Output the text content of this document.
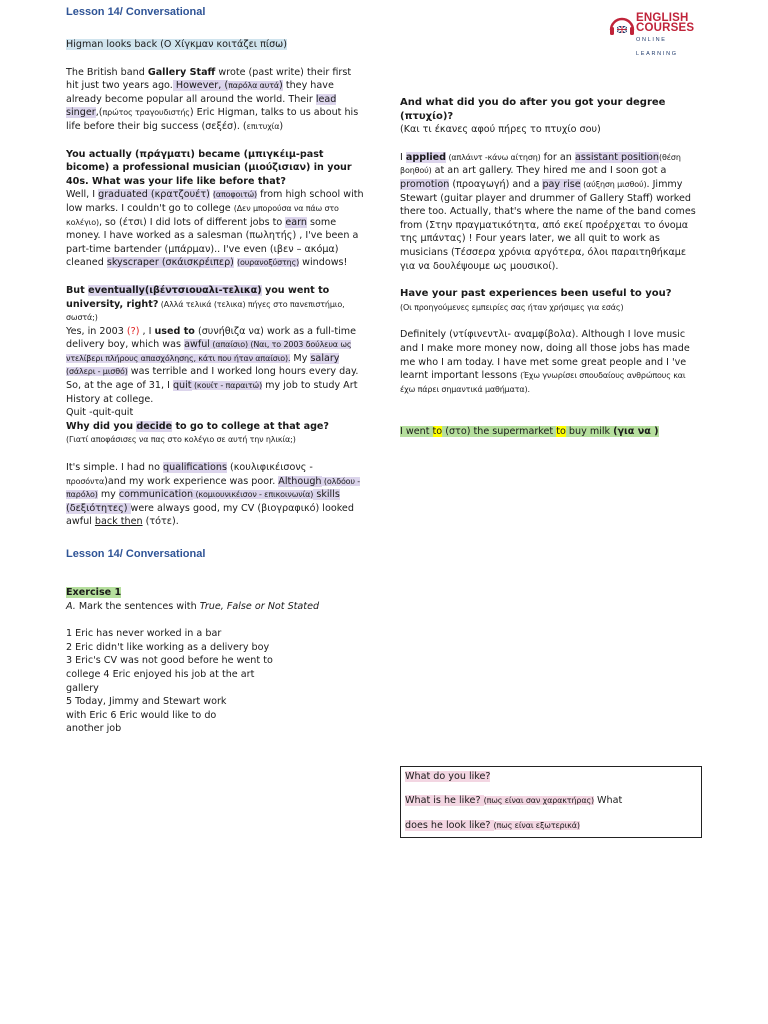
Lesson 14/ Conversational	ENGLISH
COURSES
ONLINE LEARNING
Higman looks back (Ο Χίγκμαν κοιτάζει πίσω)
The British band Gallery Staff wrote (past write) their first hit just two years ago. However, (παρόλα αυτά) they have already become popular all around the world. Their lead singer,(πρώτος τραγουδιστής) Eric Higman, talks to us about his life before their big success (σεξέσ). (επιτυχία)
You actually (πράγματι) became (μπιγκέιμ-past bicome) a professional musician (μιούζισιαν) in your 40s. What was your life like before that?
Well, I graduated (κρατζουέτ) (αποφοιτώ) from high school with low marks. I couldn't go to college (Δεν μπορούσα να πάω στο κολέγιο), so (έτσι) I did lots of different jobs to earn some money. I have worked as a salesman (πωλητής) , I've been a part-time bartender (μπάρμαν).. I've even (ιβεν – ακόμα) cleaned skyscraper (σκάισκρέιπερ) (ουρανοξύστης) windows!
But eventually(ιβέντσιουαλι-τελικα) you went to university, right? (Αλλά τελικά (τελικα) πήγες στο πανεπιστήμιο, σωστά;)
Yes, in 2003 (?) , I used to (συνήθιζα να) work as a full-time delivery boy, which was awful (απαίσιο) (Ναι, το 2003 δούλευα ως ντελίβερι πλήρους απασχόλησης, κάτι που ήταν απαίσιο). My salary (σάλερι - μισθό) was terrible and I worked long hours every day. So, at the age of 31, I quit (κουίτ - παραιτώ) my job to study Art History at college.
Quit -quit-quit
Why did you decide to go to college at that age?
(Γιατί αποφάσισες να πας στο κολέγιο σε αυτή την ηλικία;)
It's simple. I had no qualifications (κουλιφικέισονς - προσόντα)and my work experience was poor. Although (ολδόου - παρόλο) my communication (κομιουνικέισον - επικοινωνία) skills (δεξιότητες) were always good, my CV (βιογραφικό) looked awful back then (τότε).
Lesson 14/ Conversational
Exercise 1
A. Mark the sentences with True, False or Not Stated
1 Eric has never worked in a bar
2 Eric didn't like working as a delivery boy
3 Eric's CV was not good before he went to
college 4 Eric enjoyed his job at the art
gallery
5 Today, Jimmy and Stewart work
with Eric 6 Eric would like to do
another job
And what did you do after you got your degree (πτυχίο)?
(Και τι έκανες αφού πήρες το πτυχίο σου)
I applied (απλάιντ -κάνω αίτηση) for an assistant position(θέση βοηθού) at an art gallery. They hired me and I soon got a promotion (προαγωγή) and a pay rise (αύξηση μισθού). Jimmy Stewart (guitar player and drummer of Gallery Staff) worked there too. Actually, that's where the name of the band comes from (Στην πραγματικότητα, από εκεί προέρχεται το όνομα της μπάντας) ! Four years later, we all quit to work as musicians (Τέσσερα χρόνια αργότερα, όλοι παραιτηθήκαμε για να δουλέψουμε ως μουσικοί).
Have your past experiences been useful to you?
(Οι προηγούμενες εμπειρίες σας ήταν χρήσιμες για εσάς)
Definitely (ντίφινεντλι- αναμφίβολα). Although I love music and I make more money now, doing all those jobs has made me who I am today. I have met some great people and I 've learnt important lessons (Έχω γνωρίσει σπουδαίους ανθρώπους και έχω πάρει σημαντικά μαθήματα).
I went to (στο) the supermarket to buy milk (για να )
What do you like?
What is he like? (πως είναι σαν χαρακτήρας) What
does he look like? (πως είναι εξωτερικά)
